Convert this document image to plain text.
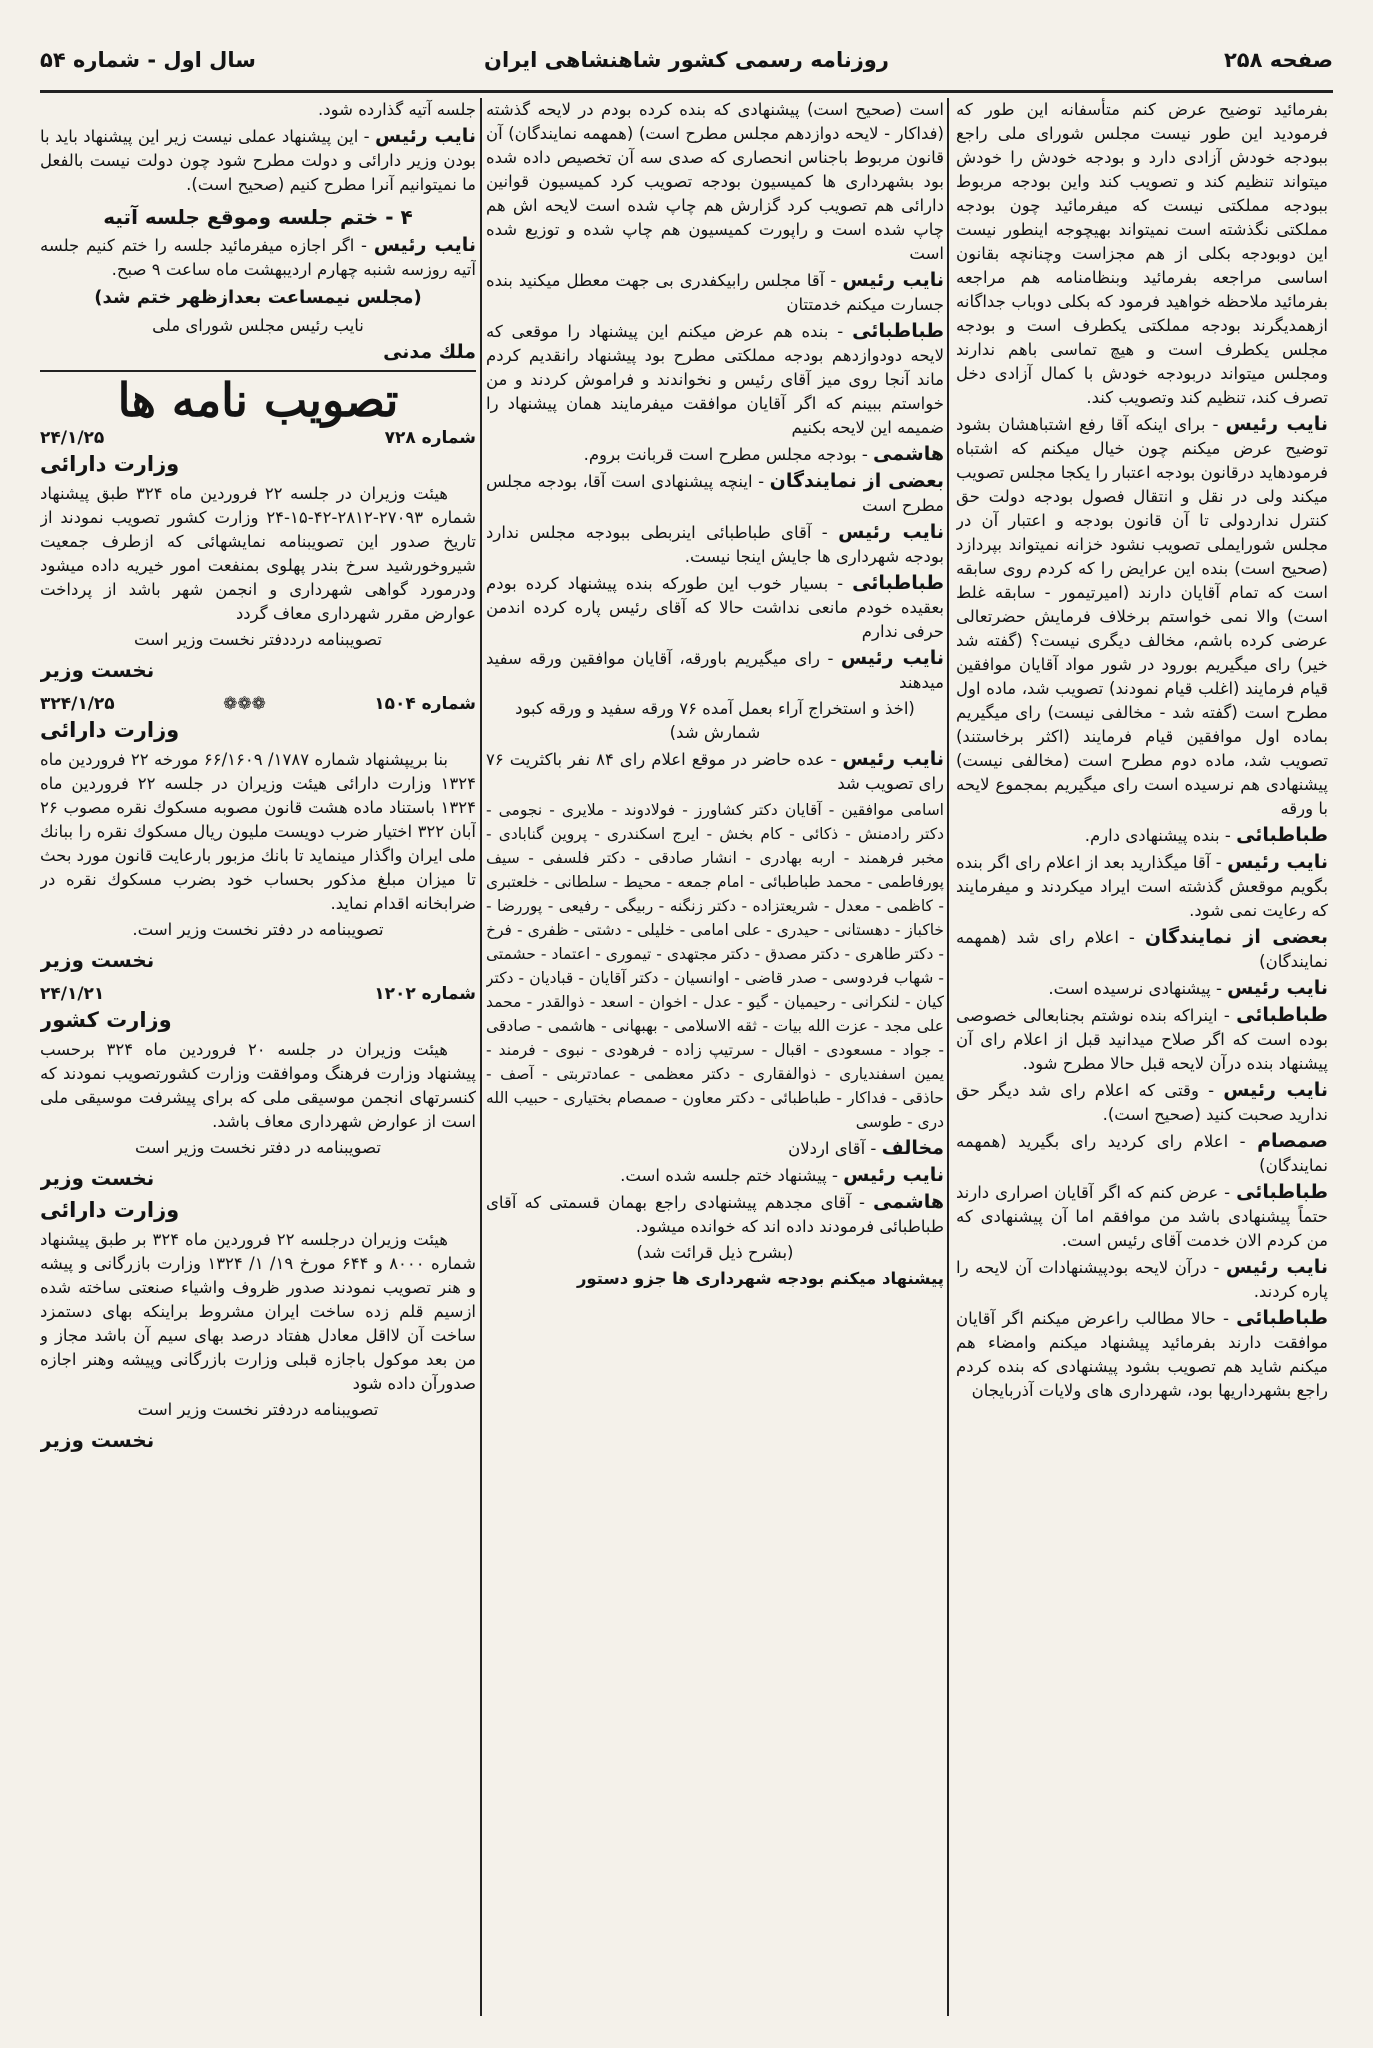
صفحه ۲۵۸
روزنامه رسمی کشور شاهنشاهی ایران
سال اول - شماره ۵۴

بفرمائید توضیح عرض کنم متأسفانه این طور که فرمودید این طور نیست مجلس شورای ملی راجع ببودجه خودش آزادی دارد و بودجه خودش را خودش میتواند تنظیم کند و تصویب کند واین بودجه مربوط ببودجه مملکتی نیست که میفرمائید چون بودجه مملکتی نگذشته است نمیتواند بهیچوجه اینطور نیست این دوبودجه بکلی از هم مجزاست وچنانچه بقانون اساسی مراجعه بفرمائید وبنظامنامه هم مراجعه بفرمائید ملاحظه خواهید فرمود که بکلی دوباب جداگانه ازهمدیگرند بودجه مملکتی یکطرف است و بودجه مجلس یکطرف است و هیچ تماسی باهم ندارند ومجلس میتواند دربودجه خودش با کمال آزادی دخل تصرف کند، تنظیم کند وتصویب کند.

نایب رئیس - برای اینکه آقا رفع اشتباهشان بشود توضیح عرض میکنم چون خیال میکنم که اشتباه فرمودهاید درقانون بودجه اعتبار را یکجا مجلس تصویب میکند ولی در نقل و انتقال فصول بودجه دولت حق کنترل نداردولی تا آن قانون بودجه و اعتبار آن در مجلس شورایملی تصویب نشود خزانه نمیتواند بپردازد (صحیح است) بنده این عرایض را که کردم روی سابقه است که تمام آقایان دارند (امیرتیمور - سابقه غلط است) والا نمی خواستم برخلاف فرمایش حضرتعالی عرضی کرده باشم، مخالف دیگری نیست؟ (گفته شد خیر) رای میگیریم بورود در شور مواد آقایان موافقین قیام فرمایند (اغلب قیام نمودند) تصویب شد، ماده اول مطرح است (گفته شد - مخالفی نیست) رای میگیریم بماده اول موافقین قیام فرمایند (اکثر برخاستند) تصویب شد، ماده دوم مطرح است (مخالفی نیست) پیشنهادی هم نرسیده است رای میگیریم بمجموع لایحه با ورقه

طباطبائی - بنده پیشنهادی دارم.

نایب رئیس - آقا میگذارید بعد از اعلام رای اگر بنده بگویم موقعش گذشته است ایراد میکردند و میفرمایند که رعایت نمی شود.

بعضی از نمایندگان - اعلام رای شد (همهمه نمایندگان)

نایب رئیس - پیشنهادی نرسیده است.

طباطبائی - اینراکه بنده نوشتم بجنابعالی خصوصی بوده است که اگر صلاح میدانید قبل از اعلام رای آن پیشنهاد بنده درآن لایحه قبل حالا مطرح شود.

نایب رئیس - وقتی که اعلام رای شد دیگر حق ندارید صحبت کنید (صحیح است).

صمصام - اعلام رای کردید رای بگیرید (همهمه نمایندگان)

طباطبائی - عرض کنم که اگر آقایان اصراری دارند حتماً پیشنهادی باشد من موافقم اما آن پیشنهادی که من کردم الان خدمت آقای رئیس است.

نایب رئیس - درآن لایحه بودپیشنهادات آن لایحه را پاره کردند.

طباطبائی - حالا مطالب راعرض میکنم اگر آقایان موافقت دارند بفرمائید پیشنهاد میکنم وامضاء هم میکنم شاید هم تصویب بشود پیشنهادی که بنده کردم راجع بشهرداریها بود، شهرداری های ولایات آذربایجان

است (صحیح است) پیشنهادی که بنده کرده بودم در لایحه گذشته (فداکار - لایحه دوازدهم مجلس مطرح است) (همهمه نمایندگان) آن قانون مربوط باجناس انحصاری که صدی سه آن تخصیص داده شده بود بشهرداری ها کمیسیون بودجه تصویب کرد کمیسیون قوانین دارائی هم تصویب کرد گزارش هم چاپ شده است لایحه اش هم چاپ شده است و راپورت کمیسیون هم چاپ شده و توزیع شده است

نایب رئیس - آقا مجلس رابیکفدری بی جهت معطل میکنید بنده جسارت میکنم خدمتتان

طباطبائی - بنده هم عرض میکنم این پیشنهاد را موقعی که لایحه دودوازدهم بودجه مملکتی مطرح بود پیشنهاد رانقدیم کردم ماند آنجا روی میز آقای رئیس و نخواندند و فراموش کردند و من خواستم ببینم که اگر آقایان موافقت میفرمایند همان پیشنهاد را ضمیمه این لایحه بکنیم

هاشمی - بودجه مجلس مطرح است قربانت بروم.

بعضی از نمایندگان - اینچه پیشنهادی است آقا، بودجه مجلس مطرح است

نایب رئیس - آقای طباطبائی اینربطی ببودجه مجلس ندارد بودجه شهرداری ها جایش اینجا نیست.

طباطبائی - بسیار خوب این طورکه بنده پیشنهاد کرده بودم بعقیده خودم مانعی نداشت حالا که آقای رئیس پاره کرده اندمن حرفی ندارم

نایب رئیس - رای میگیریم باورقه، آقایان موافقین ورقه سفید میدهند

(اخذ و استخراج آراء بعمل آمده ۷۶ ورقه سفید و ورقه کبود شمارش شد)

نایب رئیس - عده حاضر در موقع اعلام رای ۸۴ نفر باکثریت ۷۶ رای تصویب شد

اسامی موافقین - آقایان دکتر کشاورز - فولادوند - ملایری - نجومی - دکتر رادمنش - ذکائی - کام بخش - ایرج اسکندری - پروین گنابادی - مخبر فرهمند - اربه بهادری - انشار صادقی - دکتر فلسفی - سیف پورفاطمی - محمد طباطبائی - امام جمعه - محیط - سلطانی - خلعتبری - کاظمی - معدل - شریعتزاده - دکتر زنگنه - ربیگی - رفیعی - پوررضا - خاکباز - دهستانی - حیدری - علی امامی - خلیلی - دشتی - ظفری - فرخ - دکتر طاهری - دکتر مصدق - دکتر مجتهدی - تیموری - اعتماد - حشمتی - شهاب فردوسی - صدر قاضی - اوانسیان - دکتر آقایان - قبادیان - دکتر کیان - لنکرانی - رحیمیان - گیو - عدل - اخوان - اسعد - ذوالقدر - محمد علی مجد - عزت الله بیات - ثقه الاسلامی - بهبهانی - هاشمی - صادقی - جواد - مسعودی - اقبال - سرتیپ زاده - فرهودی - نبوی - فرمند - یمین اسفندیاری - ذوالفقاری - دکتر معظمی - عمادتربتی - آصف - حاذقی - فداکار - طباطبائی - دکتر معاون - صمصام بختیاری - حبیب الله دری - طوسی

مخالف - آقای اردلان

نایب رئیس - پیشنهاد ختم جلسه شده است.

هاشمی - آقای مجدهم پیشنهادی راجع بهمان قسمتی که آقای طباطبائی فرمودند داده اند که خوانده میشود.

(بشرح ذیل قرائت شد)

پیشنهاد میکنم بودجه شهرداری ها جزو دستور

جلسه آتیه گذارده شود.

نایب رئیس - این پیشنهاد عملی نیست زیر این پیشنهاد باید با بودن وزیر دارائی و دولت مطرح شود چون دولت نیست بالفعل ما نمیتوانیم آنرا مطرح کنیم (صحیح است).

۴ - ختم جلسه وموقع جلسه آتیه

نایب رئیس - اگر اجازه میفرمائید جلسه را ختم کنیم جلسه آتیه روزسه شنبه چهارم اردیبهشت ماه ساعت ۹ صبح.

(مجلس نیمساعت بعدازظهر ختم شد)

نایب رئیس مجلس شورای ملی

ملك مدنی

تصویب نامه ها
شماره ۷۲۸
۲۴/۱/۲۵
وزارت دارائی

هیئت وزیران در جلسه ۲۲ فروردین ماه ۳۲۴ طبق پیشنهاد شماره ۲۷۰۹۳-۲۸۱۲-۴۲-۱۵-۲۴ وزارت کشور تصویب نمودند از تاریخ صدور این تصویبنامه نمایشهائی که ازطرف جمعیت شیروخورشید سرخ بندر پهلوی بمنفعت امور خیریه داده میشود ودرمورد گواهی شهرداری و انجمن شهر باشد از پرداخت عوارض مقرر شهرداری معاف گردد

تصویبنامه درددفتر نخست وزیر است

نخست وزیر
شماره ۱۵۰۴
❁❁❁
۳۲۴/۱/۲۵
وزارت دارائی

بنا بریپشنهاد شماره ۱۷۸۷/ ۶۶/۱۶۰۹ مورخه ۲۲ فروردین ماه ۱۳۲۴ وزارت دارائی هیئت وزیران در جلسه ۲۲ فروردین ماه ۱۳۲۴ باستناد ماده هشت قانون مصوبه مسکوك نقره مصوب ۲۶ آبان ۳۲۲ اختیار ضرب دویست ملیون ریال مسکوك نقره را ببانك ملی ایران واگذار مینماید تا بانك مزبور بارعایت قانون مورد بحث تا میزان مبلغ مذکور بحساب خود بضرب مسکوك نقره در ضرابخانه اقدام نماید.

تصویبنامه در دفتر نخست وزیر است.

نخست وزیر
شماره ۱۲۰۲
۲۴/۱/۲۱
وزارت کشور

هیئت وزیران در جلسه ۲۰ فروردین ماه ۳۲۴ برحسب پیشنهاد وزارت فرهنگ وموافقت وزارت کشورتصویب نمودند که کنسرتهای انجمن موسیقی ملی که برای پیشرفت موسیقی ملی است از عوارض شهرداری معاف باشد.

تصویبنامه در دفتر نخست وزیر است

نخست وزیر
وزارت دارائی

هیئت وزیران درجلسه ۲۲ فروردین ماه ۳۲۴ بر طبق پیشنهاد شماره ۸۰۰۰ و ۶۴۴ مورخ ۱۹/ ۱/ ۱۳۲۴ وزارت بازرگانی و پیشه و هنر تصویب نمودند صدور ظروف واشیاء صنعتی ساخته شده ازسیم قلم زده ساخت ایران مشروط براینکه بهای دستمزد ساخت آن لااقل معادل هفتاد درصد بهای سیم آن باشد مجاز و من بعد موکول باجازه قبلی وزارت بازرگانی وپیشه وهنر اجازه صدورآن داده شود

تصویبنامه دردفتر نخست وزیر است

نخست وزیر
